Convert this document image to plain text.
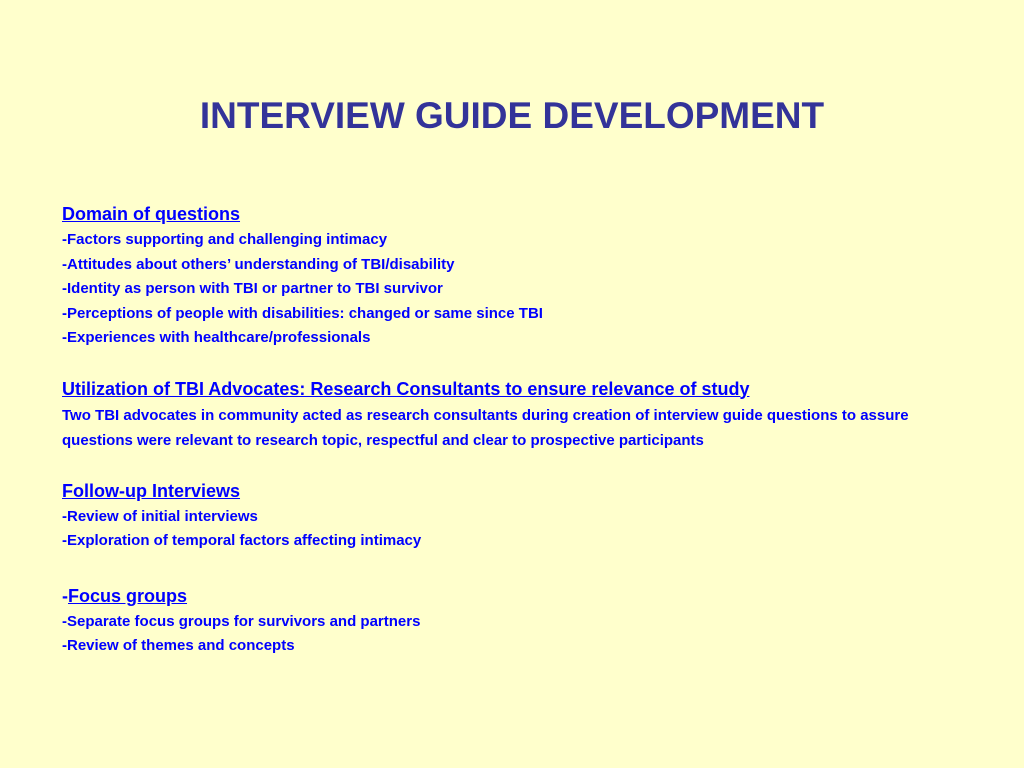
INTERVIEW GUIDE DEVELOPMENT
Domain of questions
-Factors supporting and challenging intimacy
-Attitudes about others’ understanding of TBI/disability
-Identity as person with TBI or partner to TBI survivor
-Perceptions of people with disabilities: changed or same since TBI
-Experiences with healthcare/professionals
Utilization of TBI Advocates: Research Consultants to ensure relevance of study
Two TBI advocates in community acted as research consultants during creation of interview guide questions to assure questions were relevant to research topic, respectful and clear to prospective participants
Follow-up Interviews
-Review of initial interviews
-Exploration of temporal factors affecting intimacy
-Focus groups
-Separate focus groups for survivors and partners
-Review of themes and concepts
